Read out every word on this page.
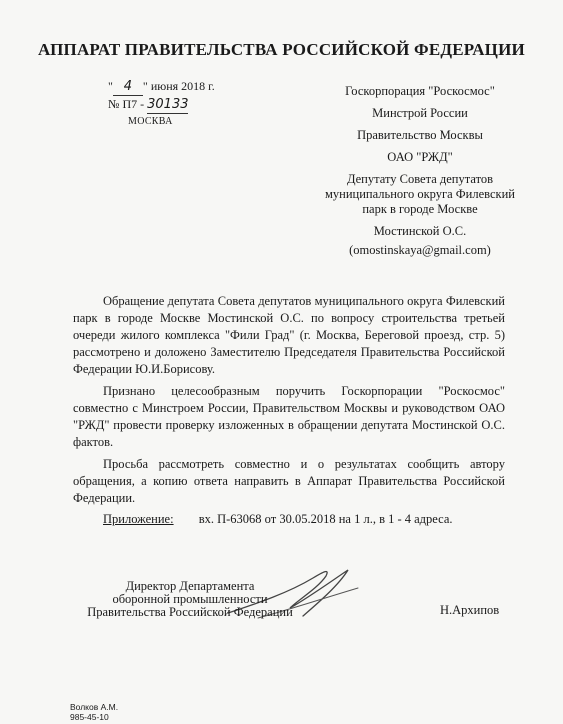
АППАРАТ ПРАВИТЕЛЬСТВА РОССИЙСКОЙ ФЕДЕРАЦИИ
" 4 " июня 2018 г.
№ П7 - 30133
МОСКВА
Госкорпорация "Роскосмос"
Минстрой России
Правительство Москвы
ОАО "РЖД"
Депутату Совета депутатов муниципального округа Филевский парк в городе Москве
Мостинской О.С.
(omostinskaya@gmail.com)

Обращение депутата Совета депутатов муниципального округа Филевский парк в городе Москве Мостинской О.С. по вопросу строительства третьей очереди жилого комплекса "Фили Град" (г. Москва, Береговой проезд, стр. 5) рассмотрено и доложено Заместителю Председателя Правительства Российской Федерации Ю.И.Борисову.

Признано целесообразным поручить Госкорпорации "Роскосмос" совместно с Минстроем России, Правительством Москвы и руководством ОАО "РЖД" провести проверку изложенных в обращении депутата Мостинской О.С. фактов.

Просьба рассмотреть совместно и о результатах сообщить автору обращения, а копию ответа направить в Аппарат Правительства Российской Федерации.

Приложение: вх. П-63068 от 30.05.2018 на 1 л., в 1 - 4 адреса.
Директор Департамента
оборонной промышленности
Правительства Российской Федерации	Н.Архипов
Волков А.М.
985-45-10
